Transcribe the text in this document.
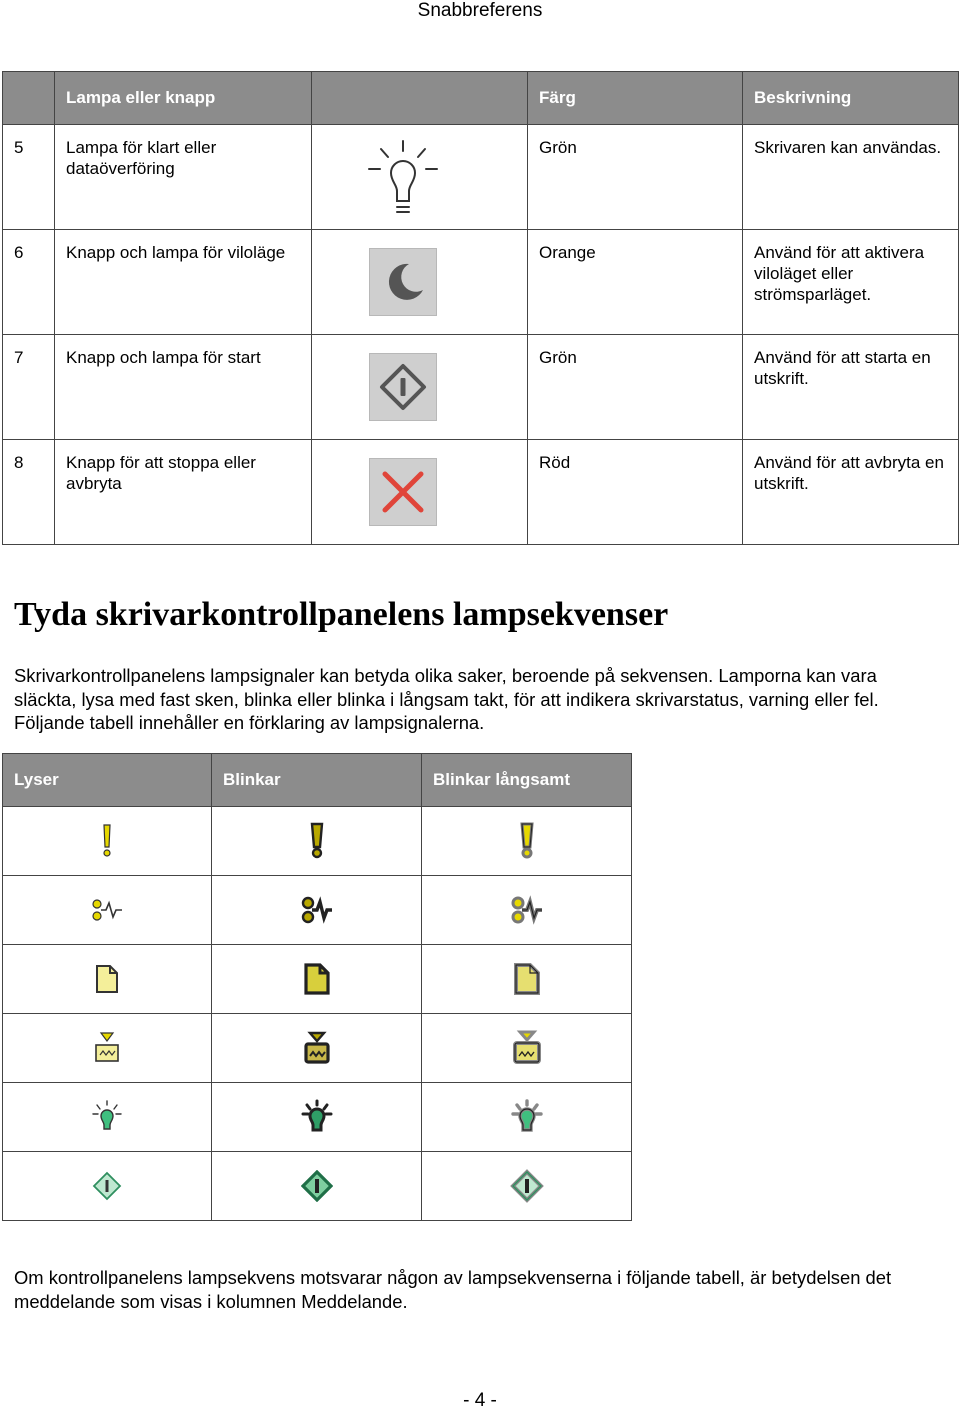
Snabbreferens
	Lampa eller knapp		Färg	Beskrivning
5	Lampa för klart eller dataöverföring		Grön	Skrivaren kan användas.
6	Knapp och lampa för viloläge		Orange	Använd för att aktivera viloläget eller strömsparläget.
7	Knapp och lampa för start		Grön	Använd för att starta en utskrift.
8	Knapp för att stoppa eller avbryta		Röd	Använd för att avbryta en utskrift.
Tyda skrivarkontrollpanelens lampsekvenser

Skrivarkontrollpanelens lampsignaler kan betyda olika saker, beroende på sekvensen. Lamporna kan vara släckta, lysa med fast sken, blinka eller blinka i långsam takt, för att indikera skrivarstatus, varning eller fel. Följande tabell innehåller en förklaring av lampsignalerna.

Lyser	Blinkar	Blinkar långsamt

Om kontrollpanelens lampsekvens motsvarar någon av lampsekvenserna i följande tabell, är betydelsen det meddelande som visas i kolumnen Meddelande.

- 4 -
